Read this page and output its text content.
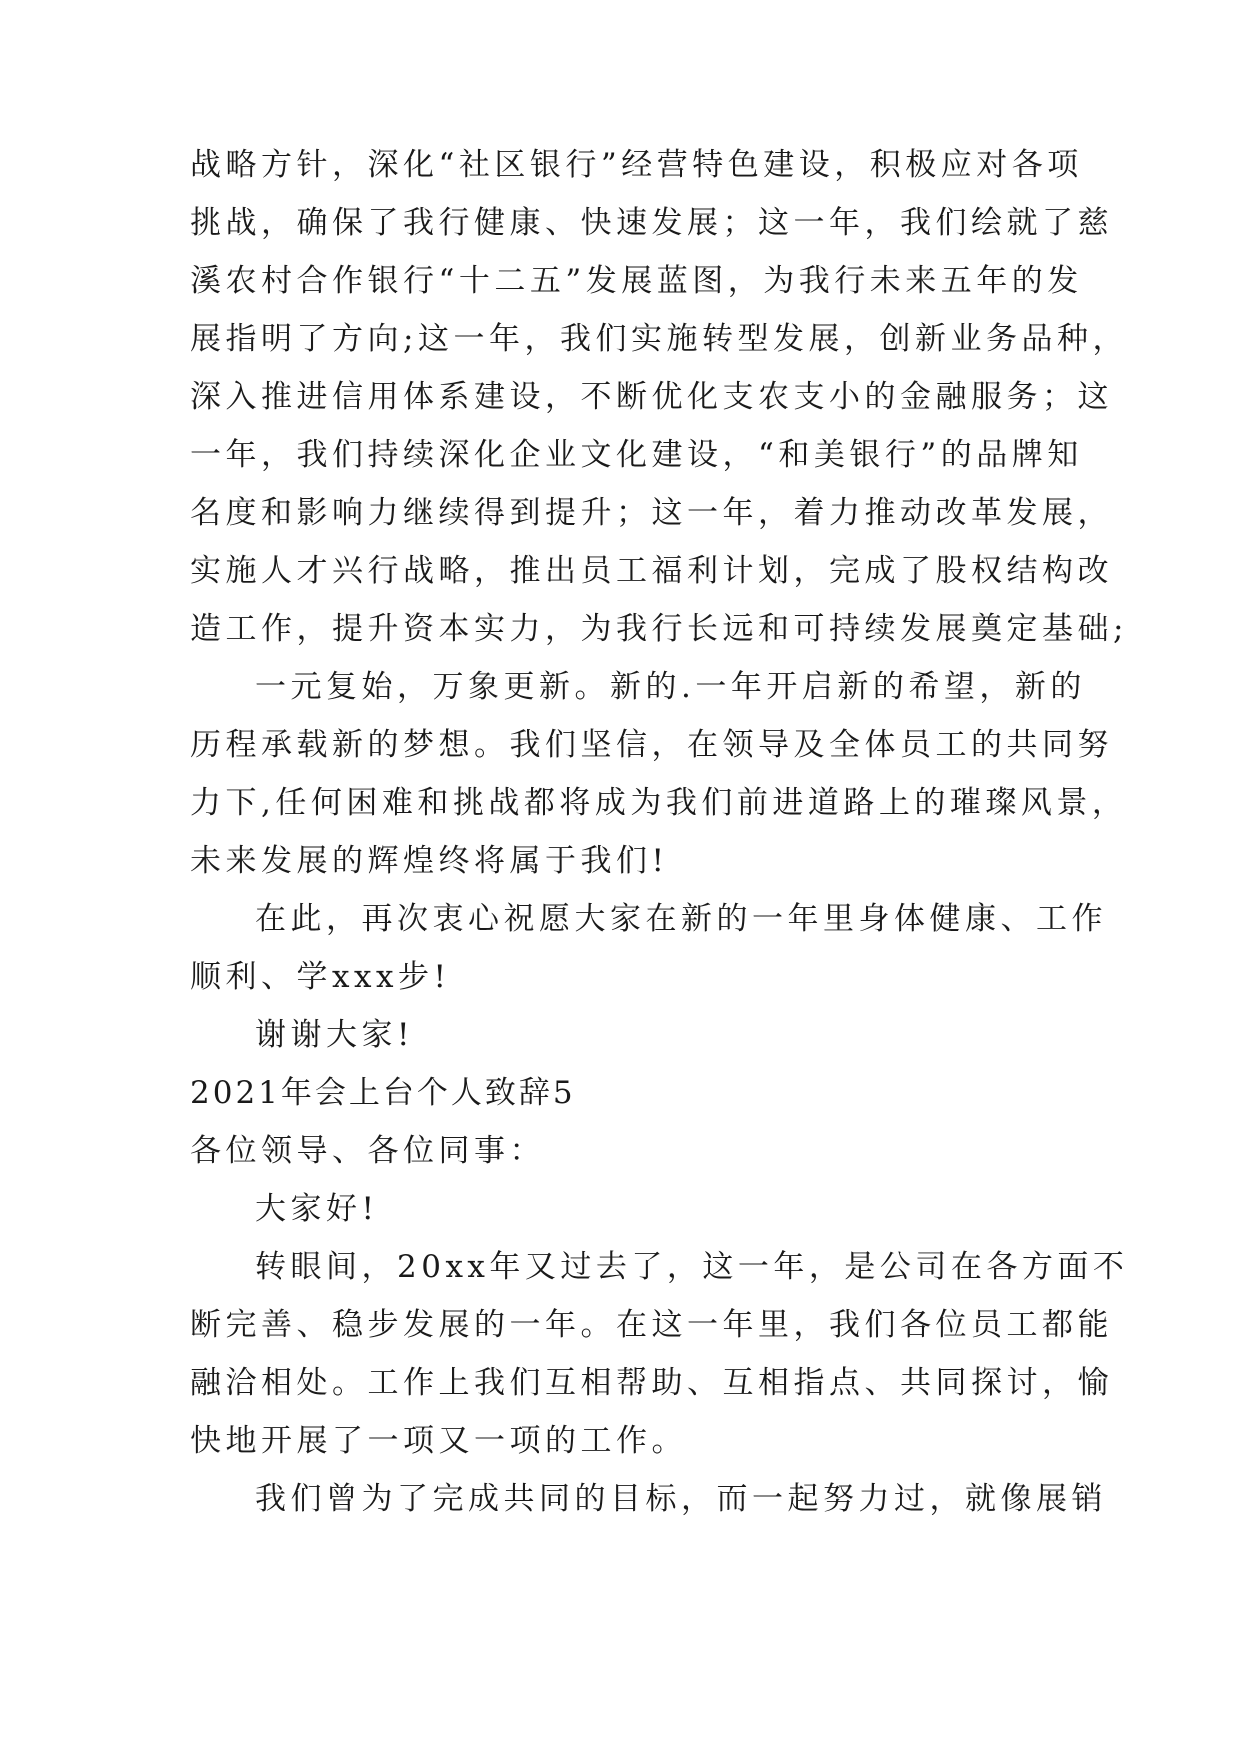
战略方针，深化“社区银行”经营特色建设，积极应对各项
挑战，确保了我行健康、快速发展；这一年，我们绘就了慈
溪农村合作银行“十二五”发展蓝图，为我行未来五年的发
展指明了方向;这一年，我们实施转型发展，创新业务品种，
深入推进信用体系建设，不断优化支农支小的金融服务；这
一年，我们持续深化企业文化建设，“和美银行”的品牌知
名度和影响力继续得到提升；这一年，着力推动改革发展，
实施人才兴行战略，推出员工福利计划，完成了股权结构改
造工作，提升资本实力，为我行长远和可持续发展奠定基础;
一元复始，万象更新。新的.一年开启新的希望，新的
历程承载新的梦想。我们坚信，在领导及全体员工的共同努
力下,任何困难和挑战都将成为我们前进道路上的璀璨风景，
未来发展的辉煌终将属于我们!
在此，再次衷心祝愿大家在新的一年里身体健康、工作
顺利、学xxx步!
谢谢大家!
2021年会上台个人致辞5
各位领导、各位同事：
大家好!
转眼间，20xx年又过去了，这一年，是公司在各方面不
断完善、稳步发展的一年。在这一年里，我们各位员工都能
融洽相处。工作上我们互相帮助、互相指点、共同探讨，愉
快地开展了一项又一项的工作。
我们曾为了完成共同的目标，而一起努力过，就像展销
